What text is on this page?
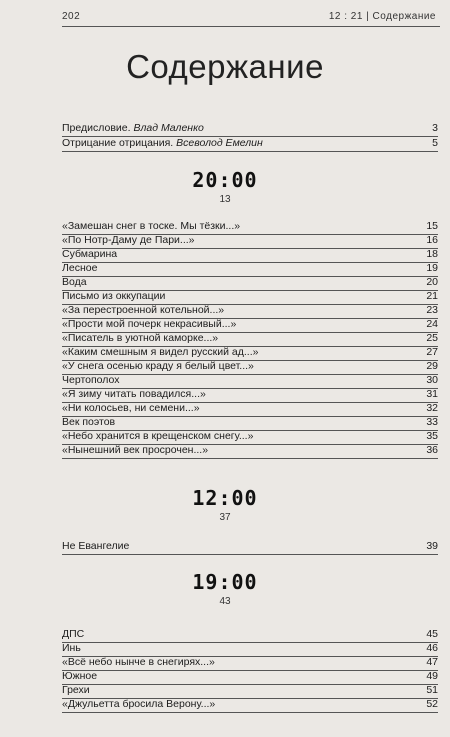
202	12 : 21 | Содержание
Содержание
Предисловие. Влад Маленко	3
Отрицание отрицания. Всеволод Емелин	5
20:00
13
«Замешан снег в тоске. Мы тёзки...»	15
«По Нотр-Даму де Пари...»	16
Субмарина	18
Лесное	19
Вода	20
Письмо из оккупации	21
«За перестроенной котельной...»	23
«Прости мой почерк некрасивый...»	24
«Писатель в уютной каморке...»	25
«Каким смешным я видел русский ад...»	27
«У снега осенью краду я белый цвет...»	29
Чертополох	30
«Я зиму читать повадился...»	31
«Ни колосьев, ни семени...»	32
Век поэтов	33
«Небо хранится в крещенском снегу...»	35
«Нынешний век просрочен...»	36
12:00
37
Не Евангелие	39
19:00
43
ДПС	45
Инь	46
«Всё небо нынче в снегирях...»	47
Южное	49
Грехи	51
«Джульетта бросила Верону...»	52
